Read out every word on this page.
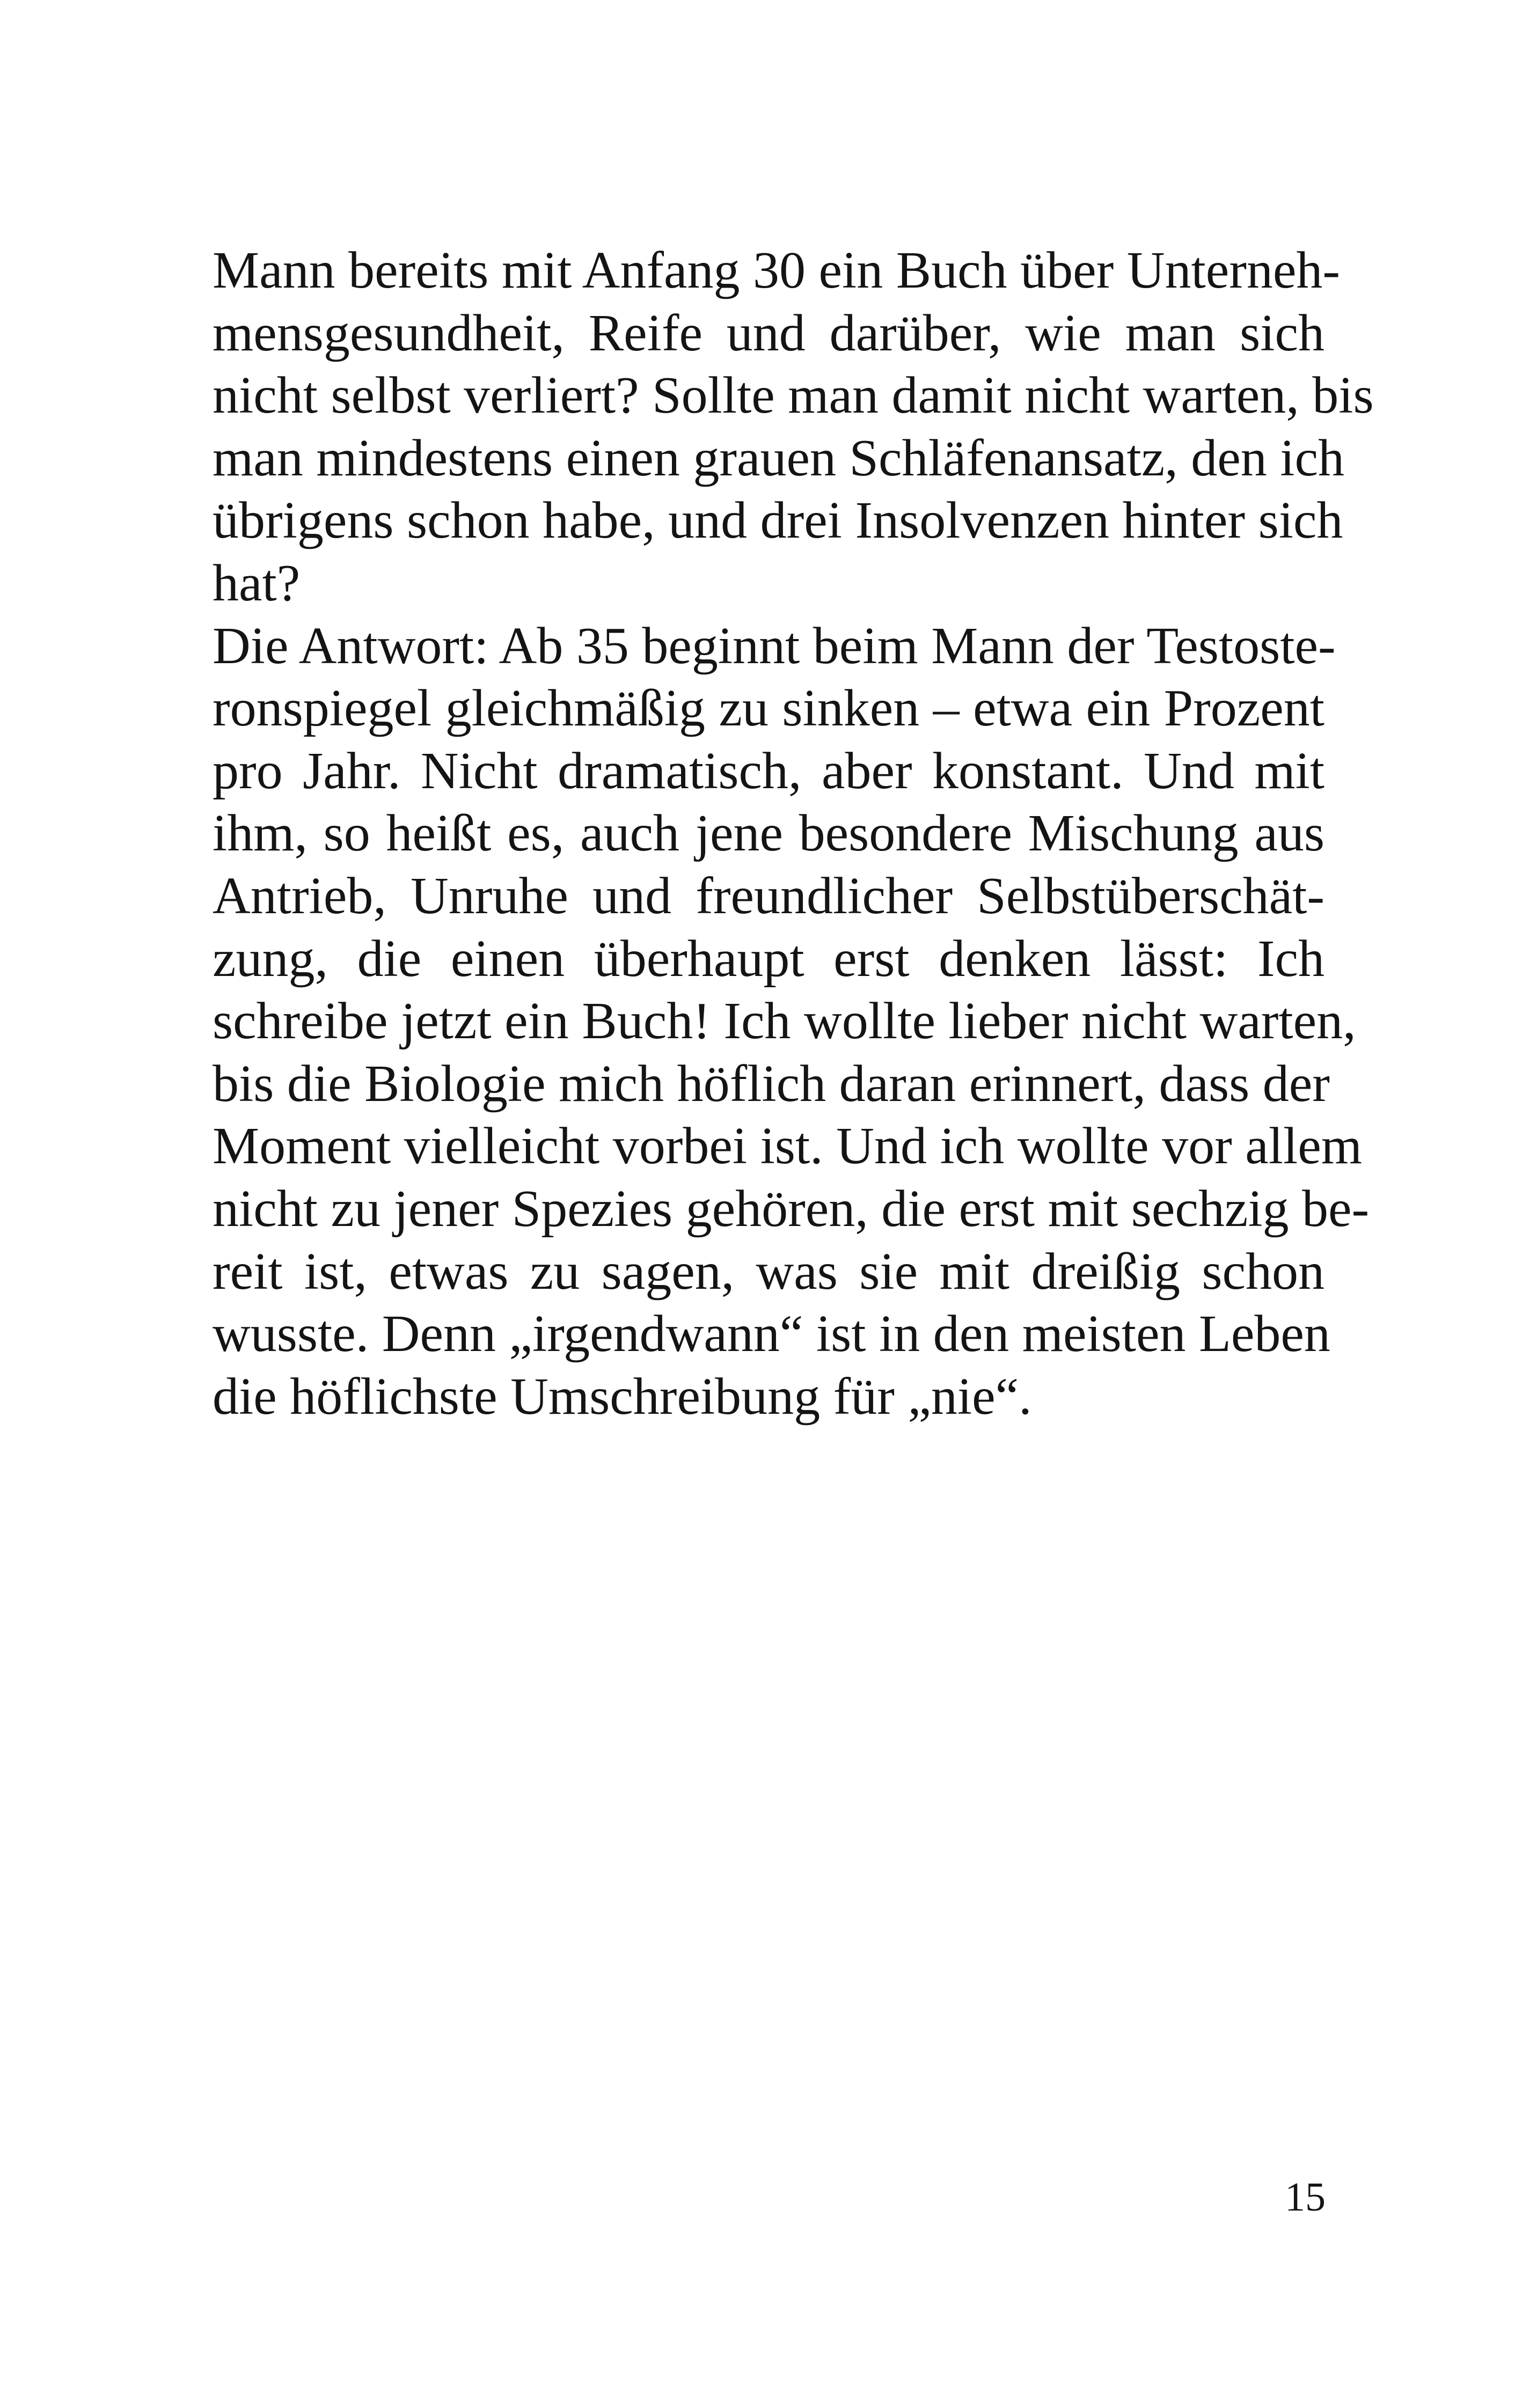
Mann bereits mit Anfang 30 ein Buch über Unterneh-
mensgesundheit, Reife und darüber, wie man sich
nicht selbst verliert? Sollte man damit nicht warten, bis
man mindestens einen grauen Schläfenansatz, den ich
übrigens schon habe, und drei Insolvenzen hinter sich
hat?
Die Antwort: Ab 35 beginnt beim Mann der Testoste-
ronspiegel gleichmäßig zu sinken – etwa ein Prozent
pro Jahr. Nicht dramatisch, aber konstant. Und mit
ihm, so heißt es, auch jene besondere Mischung aus
Antrieb, Unruhe und freundlicher Selbstüberschät-
zung, die einen überhaupt erst denken lässt: Ich
schreibe jetzt ein Buch! Ich wollte lieber nicht warten,
bis die Biologie mich höflich daran erinnert, dass der
Moment vielleicht vorbei ist. Und ich wollte vor allem
nicht zu jener Spezies gehören, die erst mit sechzig be-
reit ist, etwas zu sagen, was sie mit dreißig schon
wusste. Denn „irgendwann“ ist in den meisten Leben
die höflichste Umschreibung für „nie“.
15
